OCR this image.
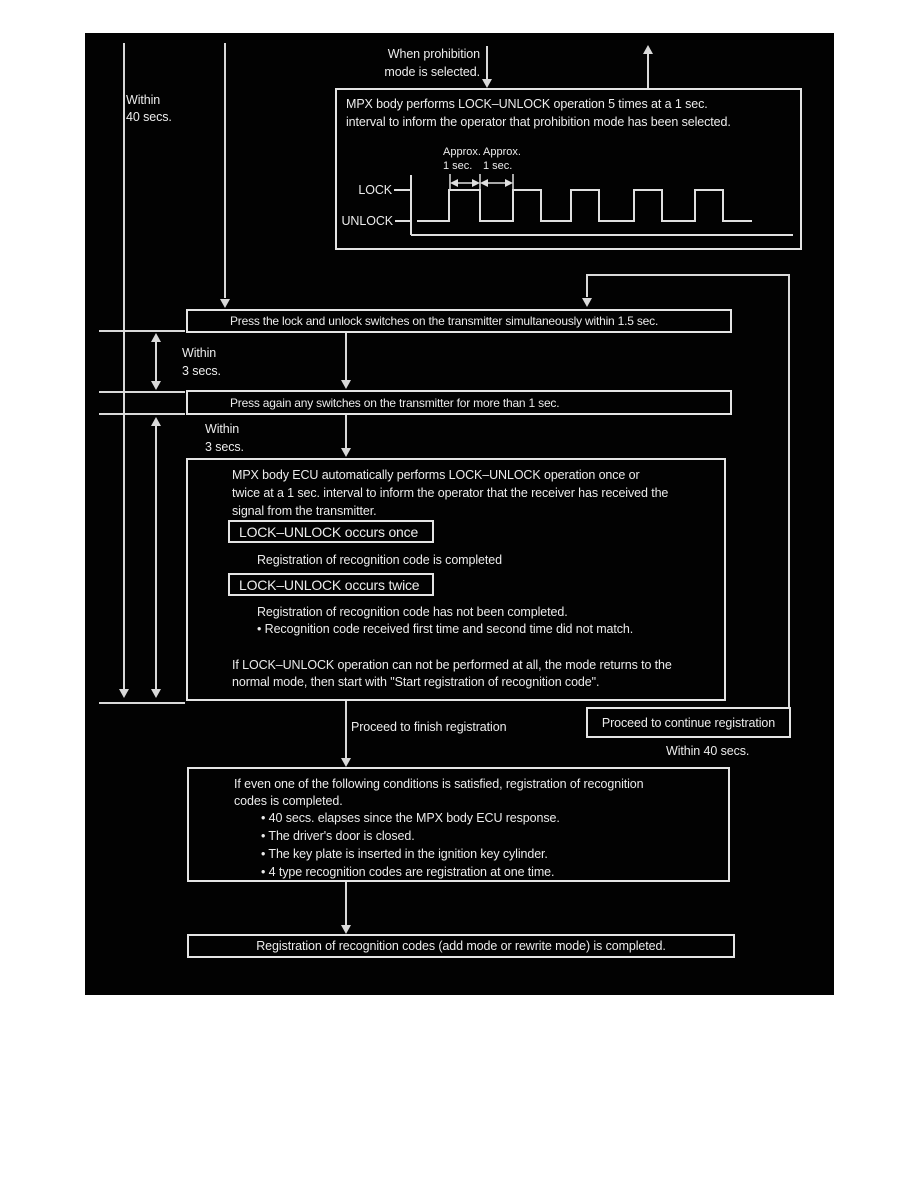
Within
40 secs.
Within
3 secs.
Within
3 secs.
When prohibition
mode is selected.
MPX body performs LOCK–UNLOCK operation 5 times at a 1 sec.
interval to inform the operator that prohibition mode has been selected.
Approx. Approx.
1 sec. 1 sec.
LOCK
UNLOCK
Press the lock and unlock switches on the transmitter simultaneously within 1.5 sec.
Press again any switches on the transmitter for more than 1 sec.
MPX body ECU automatically performs LOCK–UNLOCK operation once or
twice at a 1 sec. interval to inform the operator that the receiver has received the
signal from the transmitter.
LOCK–UNLOCK occurs once
Registration of recognition code is completed
LOCK–UNLOCK occurs twice
Registration of recognition code has not been completed.
• Recognition code received first time and second time did not match.
If LOCK–UNLOCK operation can not be performed at all, the mode returns to the
normal mode, then start with "Start registration of recognition code".
Proceed to finish registration	Proceed to continue registration
Within 40 secs.
If even one of the following conditions is satisfied, registration of recognition
codes is completed.
• 40 secs. elapses since the MPX body ECU response.
• The driver's door is closed.
• The key plate is inserted in the ignition key cylinder.
• 4 type recognition codes are registration at one time.
Registration of recognition codes (add mode or rewrite mode) is completed.
